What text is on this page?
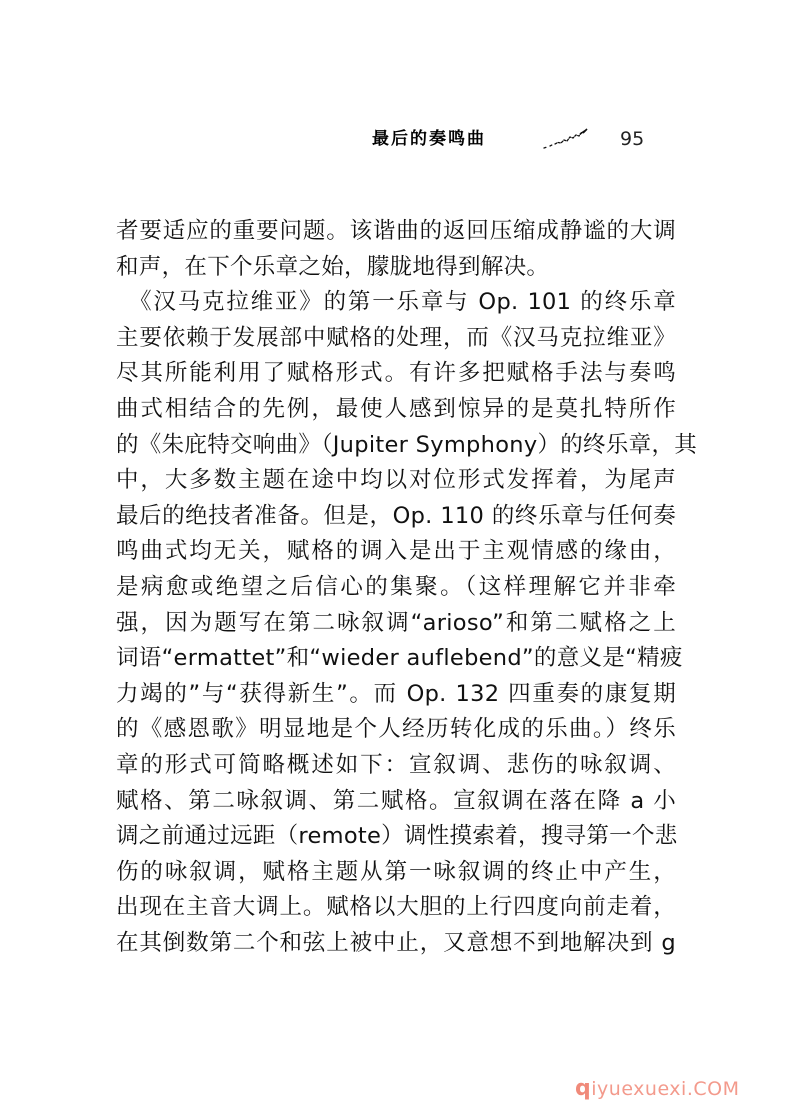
最后的奏鸣曲	95
者要适应的重要问题。该谐曲的返回压缩成静谧的大调
和声，在下个乐章之始，朦胧地得到解决。
　《汉马克拉维亚》的第一乐章与 Op. 101 的终乐章
主要依赖于发展部中赋格的处理，而《汉马克拉维亚》
尽其所能利用了赋格形式。有许多把赋格手法与奏鸣
曲式相结合的先例，最使人感到惊异的是莫扎特所作
的《朱庇特交响曲》（Jupiter Symphony）的终乐章，其
中，大多数主题在途中均以对位形式发挥着，为尾声
最后的绝技者准备。但是，Op. 110 的终乐章与任何奏
鸣曲式均无关，赋格的调入是出于主观情感的缘由，
是病愈或绝望之后信心的集聚。（这样理解它并非牵
强，因为题写在第二咏叙调“arioso”和第二赋格之上
词语“ermattet”和“wieder auflebend”的意义是“精疲
力竭的”与“获得新生”。而 Op. 132 四重奏的康复期
的《感恩歌》明显地是个人经历转化成的乐曲。）终乐
章的形式可简略概述如下：宣叙调、悲伤的咏叙调、
赋格、第二咏叙调、第二赋格。宣叙调在落在降 a 小
调之前通过远距（remote）调性摸索着，搜寻第一个悲
伤的咏叙调，赋格主题从第一咏叙调的终止中产生，
出现在主音大调上。赋格以大胆的上行四度向前走着，
在其倒数第二个和弦上被中止，又意想不到地解决到 g
qiyuexuexi.COM
